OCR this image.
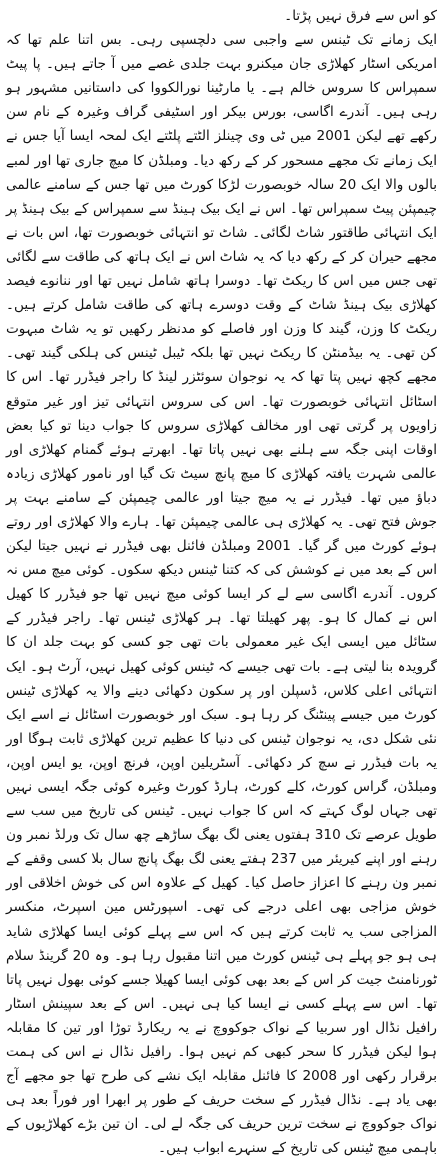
کو اس سے فرق نہیں پڑتا۔

ایک زمانے تک ٹینس سے واجبی سی دلچسپی رہی۔ بس اتنا علم تھا کہ امریکی اسٹار کھلاڑی جان میکنرو بہت جلدی غصے میں آ جاتے ہیں۔ پا پیٹ سمپراس کا سروس خالم ہے۔ یا مارٹینا نورالکووا کی داستانیں مشہور ہو رہی ہیں۔ آندرے اگاسی، بورس بیکر اور اسٹیفی گراف وغیرہ کے نام سن رکھے تھے لیکن 2001 میں ٹی وی چینلز الٹتے پلٹتے ایک لمحہ ایسا آیا جس نے ایک زمانے تک مجھے مسحور کر کے رکھ دیا۔ ومبلڈن کا میچ جاری تھا اور لمبے بالوں والا ایک 20 سالہ خوبصورت لڑکا کورٹ میں تھا جس کے سامنے عالمی چیمپئن پیٹ سمپراس تھا۔ اس نے ایک بیک ہینڈ سے سمپراس کے بیک ہینڈ پر ایک انتہائی طاقتور شاٹ لگائی۔ شاٹ تو انتہائی خوبصورت تھا، اس بات نے مجھے حیران کر کے رکھ دیا کہ یہ شاٹ اس نے ایک ہاتھ کی طاقت سے لگائی تھی جس میں اس کا ریکٹ تھا۔ دوسرا ہاتھ شامل نہیں تھا اور ننانوے فیصد کھلاڑی بیک ہینڈ شاٹ کے وقت دوسرے ہاتھ کی طاقت شامل کرتے ہیں۔ ریکٹ کا وزن، گیند کا وزن اور فاصلے کو مدنظر رکھیں تو یہ شاٹ مبہوت کن تھی۔ یہ بیڈمنٹن کا ریکٹ نہیں تھا بلکہ ٹیبل ٹینس کی ہلکی گیند تھی۔ مجھے کچھ نہیں پتا تھا کہ یہ نوجوان سوئٹزر لینڈ کا راجر فیڈرر تھا۔ اس کا اسٹائل انتہائی خوبصورت تھا۔ اس کی سروس انتہائی تیز اور غیر متوقع زاویوں پر گرتی تھی اور مخالف کھلاڑی سروس کا جواب دینا تو کیا بعض اوقات اپنی جگہ سے ہلنے بھی نہیں پاتا تھا۔ ابھرتے ہوئے گمنام کھلاڑی اور عالمی شہرت یافتہ کھلاڑی کا میچ پانچ سیٹ تک گیا اور نامور کھلاڑی زیادہ دباؤ میں تھا۔ فیڈرر نے یہ میچ جیتا اور عالمی چیمپئن کے سامنے بہت پر جوش فتح تھی۔ یہ کھلاڑی ہی عالمی چیمپئن تھا۔ ہارے والا کھلاڑی اور روتے ہوئے کورٹ میں گر گیا۔ 2001 ومبلڈن فائنل بھی فیڈرر نے نہیں جیتا لیکن اس کے بعد میں نے کوشش کی کہ کتنا ٹینس دیکھ سکوں۔ کوئی میچ مس نہ کروں۔ آندرے اگاسی سے لے کر ایسا کوئی میچ نہیں تھا جو فیڈرر کا کھیل اس نے کمال کا ہو۔ پھر کھیلتا تھا۔ ہر کھلاڑی ٹینس تھا۔ راجر فیڈرر کے سٹائل میں ایسی ایک غیر معمولی بات تھی جو کسی کو بہت جلد ان کا گرویدہ بنا لیتی ہے۔ بات تھی جیسے کہ ٹینس کوئی کھیل نہیں، آرٹ ہو۔ ایک انتہائی اعلی کلاس، ڈسپلن اور پر سکون دکھائی دینے والا یہ کھلاڑی ٹینس کورٹ میں جیسے پینٹنگ کر رہا ہو۔ سبک اور خوبصورت اسٹائل نے اسے ایک نئی شکل دی، یہ نوجوان ٹینس کی دنیا کا عظیم ترین کھلاڑی ثابت ہوگا اور یہ بات فیڈرر نے سچ کر دکھائی۔ آسٹریلین اوپن، فرنچ اوپن، یو ایس اوپن، ومبلڈن، گراس کورٹ، کلے کورٹ، ہارڈ کورٹ وغیرہ کوئی جگہ ایسی نہیں تھی جہاں لوگ کہتے کہ اس کا جواب نہیں۔ ٹینس کی تاریخ میں سب سے طویل عرصے تک 310 ہفتوں یعنی لگ بھگ ساڑھے چھ سال تک ورلڈ نمبر ون رہنے اور اپنے کیریئر میں 237 ہفتے یعنی لگ بھگ پانچ سال بلا کسی وقفے کے نمبر ون رہنے کا اعزاز حاصل کیا۔ کھیل کے علاوہ اس کی خوش اخلاقی اور خوش مزاجی بھی اعلی درجے کی تھی۔ اسپورٹس مین اسپرٹ، منکسر المزاجی سب یہ ثابت کرتے ہیں کہ اس سے پہلے کوئی ایسا کھلاڑی شاید ہی ہو جو پہلے ہی ٹینس کورٹ میں اتنا مقبول رہا ہو۔ وہ 20 گرینڈ سلام ٹورنامنٹ جیت کر اس کے بعد بھی کوئی ایسا کھیلا جسے کوئی بھول نہیں پاتا تھا۔ اس سے پہلے کسی نے ایسا کیا ہی نہیں۔ اس کے بعد سپینش اسٹار رافیل نڈال اور سربیا کے نواک جوکووچ نے یہ ریکارڈ توڑا اور تین کا مقابلہ ہوا لیکن فیڈرر کا سحر کبھی کم نہیں ہوا۔ رافیل نڈال نے اس کی ہمت برقرار رکھی اور 2008 کا فائنل مقابلہ ایک نشے کی طرح تھا جو مجھے آج بھی یاد ہے۔ نڈال فیڈرر کے سخت حریف کے طور پر ابھرا اور فوراً بعد ہی نواک جوکووچ نے سخت ترین حریف کی جگہ لے لی۔ ان تین بڑے کھلاڑیوں کے باہمی میچ ٹینس کی تاریخ کے سنہرے ابواب ہیں۔
